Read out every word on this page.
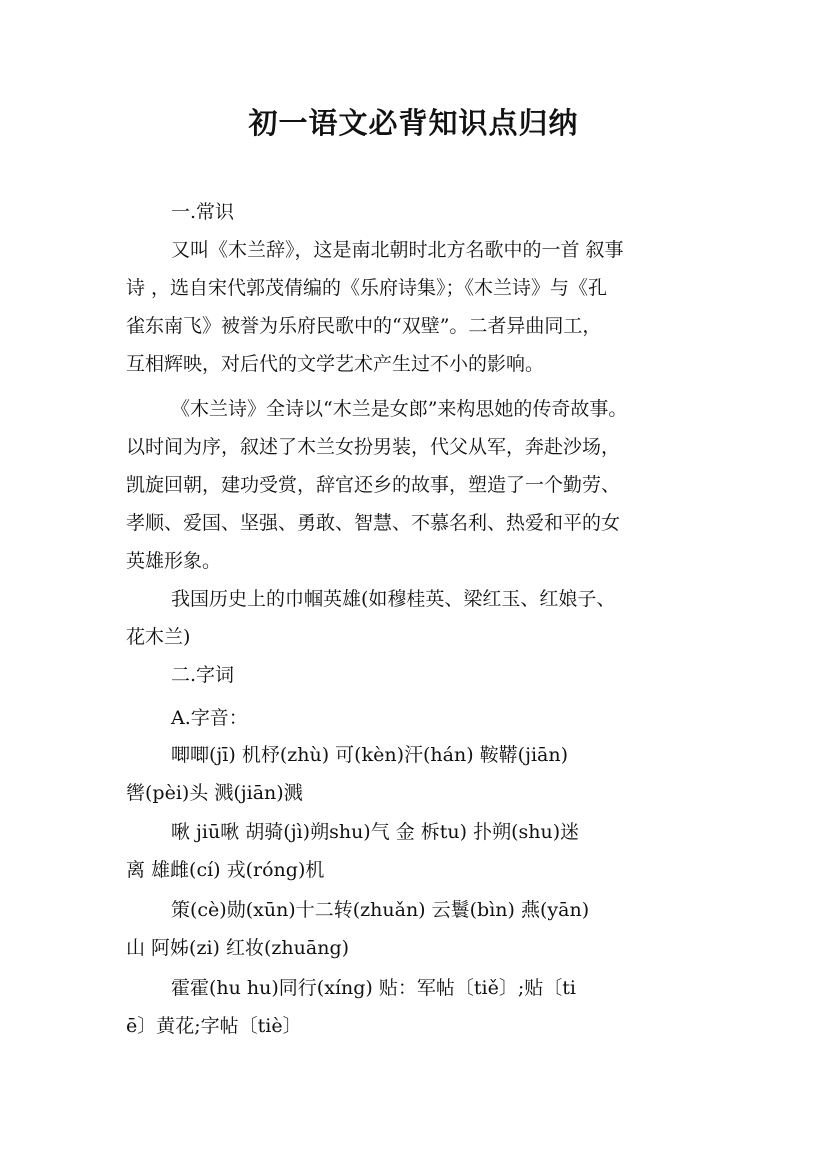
初一语文必背知识点归纳
一.常识
又叫《木兰辞》，这是南北朝时北方名歌中的一首 叙事
诗 ，选自宋代郭茂倩编的《乐府诗集》；《木兰诗》与《孔
雀东南飞》被誉为乐府民歌中的“双壁”。二者异曲同工，
互相辉映，对后代的文学艺术产生过不小的影响。
《木兰诗》全诗以“木兰是女郎”来构思她的传奇故事。
以时间为序，叙述了木兰女扮男装，代父从军，奔赴沙场，
凯旋回朝，建功受赏，辞官还乡的故事，塑造了一个勤劳、
孝顺、爱国、坚强、勇敢、智慧、不慕名利、热爱和平的女
英雄形象。
我国历史上的巾帼英雄(如穆桂英、梁红玉、红娘子、
花木兰)
二.字词
A.字音：
唧唧(jī) 机杼(zhù) 可(kèn)汗(hán) 鞍鞯(jiān)
辔(pèi)头 溅(jiān)溅
啾 jiū啾 胡骑(jì)朔shu)气 金 柝tu) 扑朔(shu)迷
离 雄雌(cí) 戎(róng)机
策(cè)勋(xūn)十二转(zhuǎn) 云鬟(bìn) 燕(yān)
山 阿姊(zi) 红妆(zhuāng)
霍霍(hu hu)同行(xíng) 贴：军帖〔tiě〕;贴〔ti
ē〕黄花;字帖〔tiè〕
